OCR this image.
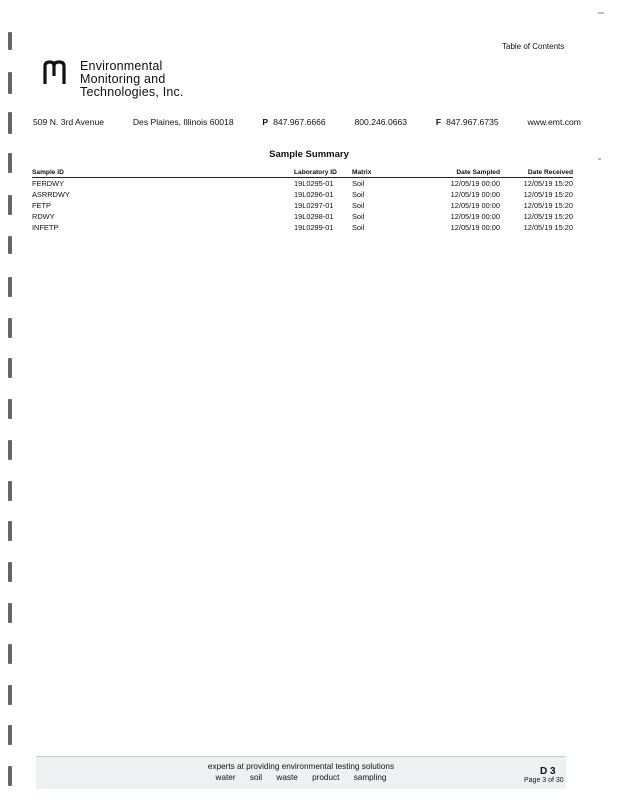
Table of Contents
Environmental
Monitoring and
Technologies, Inc.
509 N. 3rd Avenue	Des Plaines, Illinois 60018	P 847.967.6666	800.246.0663	F 847.967.6735	www.emt.com
Sample Summary
Sample ID	Laboratory ID	Matrix	Date Sampled	Date Received
FERDWY	19L0295-01	Soil	12/05/19 00:00	12/05/19 15:20
ASRRDWY	19L0296-01	Soil	12/05/19 00:00	12/05/19 15:20
FETP	19L0297-01	Soil	12/05/19 00:00	12/05/19 15:20
RDWY	19L0298-01	Soil	12/05/19 00:00	12/05/19 15:20
INFETP	19L0299-01	Soil	12/05/19 00:00	12/05/19 15:20
experts at providing environmental testing solutions
water soil waste product sampling
D 3
Page 3 of 30
